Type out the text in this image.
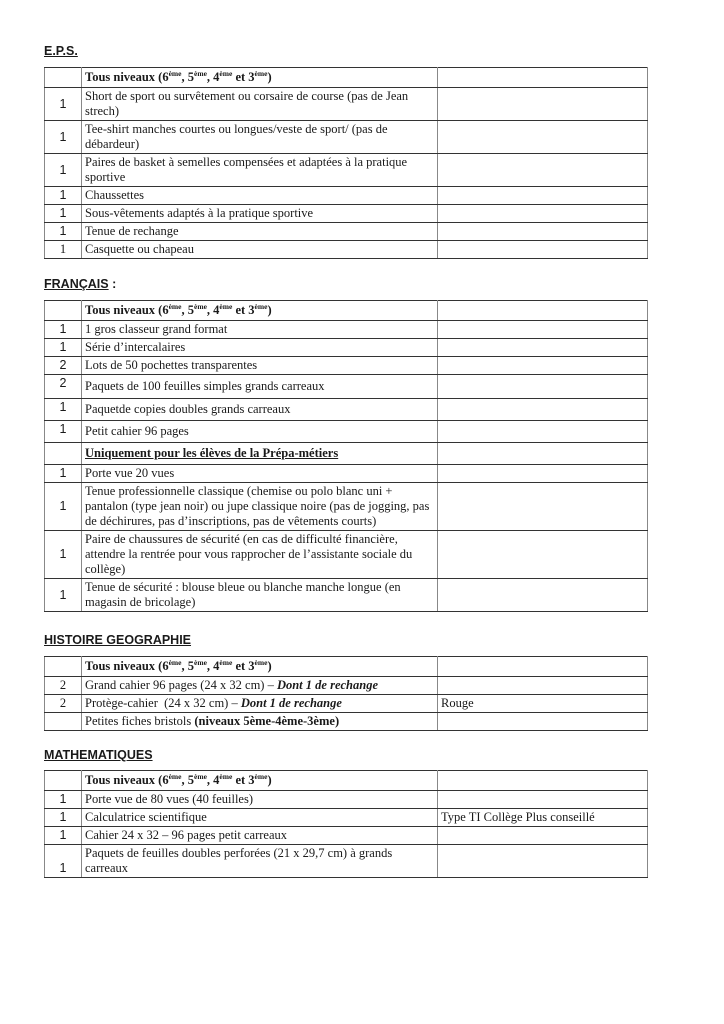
E.P.S.
	Tous niveaux (6ème, 5ème, 4ème et 3ème)	
1	Short de sport ou survêtement ou corsaire de course (pas de Jean strech)	
1	Tee-shirt manches courtes ou longues/veste de sport/ (pas de débardeur)	
1	Paires de basket à semelles compensées et adaptées à la pratique sportive	
1	Chaussettes	
1	Sous-vêtements adaptés à la pratique sportive	
1	Tenue de rechange	
1	Casquette ou chapeau	
FRANÇAIS :
	Tous niveaux (6ème, 5ème, 4ème et 3ème)	
1	1 gros classeur grand format	
1	Série d’intercalaires	
2	Lots de 50 pochettes transparentes	
2	Paquets de 100 feuilles simples grands carreaux	
1	Paquetde copies doubles grands carreaux	
1	Petit cahier 96 pages	
	Uniquement pour les élèves de la Prépa-métiers	
1	Porte vue 20 vues	
1	Tenue professionnelle classique (chemise ou polo blanc uni + pantalon (type jean noir) ou jupe classique noire (pas de jogging, pas de déchirures, pas d’inscriptions, pas de vêtements courts)	
1	Paire de chaussures de sécurité (en cas de difficulté financière, attendre la rentrée pour vous rapprocher de l’assistante sociale du collège)	
1	Tenue de sécurité : blouse bleue ou blanche manche longue (en magasin de bricolage)	
HISTOIRE GEOGRAPHIE
	Tous niveaux (6ème, 5ème, 4ème et 3ème)	
2	Grand cahier 96 pages (24 x 32 cm) – Dont 1 de rechange	
2	Protège-cahier  (24 x 32 cm) – Dont 1 de rechange	Rouge
	Petites fiches bristols (niveaux 5ème-4ème-3ème)	
MATHEMATIQUES
	Tous niveaux (6ème, 5ème, 4ème et 3ème)	
1	Porte vue de 80 vues (40 feuilles)	
1	Calculatrice scientifique	Type TI Collège Plus conseillé
1	Cahier 24 x 32 – 96 pages petit carreaux	
1	Paquets de feuilles doubles perforées (21 x 29,7 cm) à grands carreaux	
